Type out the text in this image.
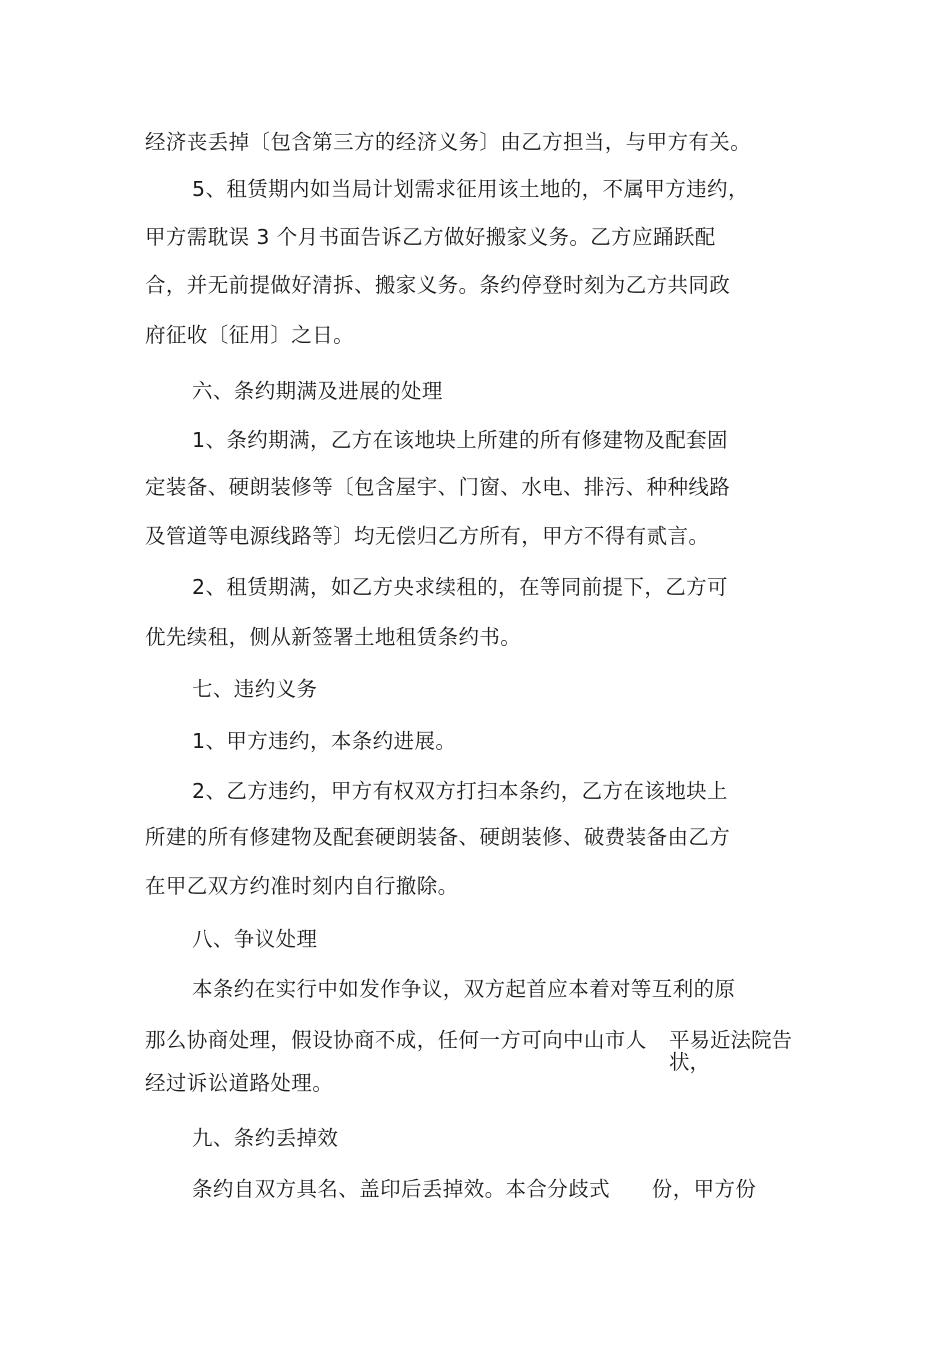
经济丧丢掉〔包含第三方的经济义务〕由乙方担当，与甲方有关。
5、租赁期内如当局计划需求征用该土地的，不属甲方违约，
甲方需耽误 3 个月书面告诉乙方做好搬家义务。乙方应踊跃配
合，并无前提做好清拆、搬家义务。条约停登时刻为乙方共同政
府征收〔征用〕之日。
六、条约期满及进展的处理
1、条约期满，乙方在该地块上所建的所有修建物及配套固
定装备、硬朗装修等〔包含屋宇、门窗、水电、排污、种种线路
及管道等电源线路等〕均无偿归乙方所有，甲方不得有贰言。
2、租赁期满，如乙方央求续租的，在等同前提下，乙方可
优先续租，侧从新签署土地租赁条约书。
七、违约义务
1、甲方违约，本条约进展。
2、乙方违约，甲方有权双方打扫本条约，乙方在该地块上
所建的所有修建物及配套硬朗装备、硬朗装修、破费装备由乙方
在甲乙双方约准时刻内自行撤除。
八、争议处理
本条约在实行中如发作争议，双方起首应本着对等互利的原
那么协商处理，假设协商不成，任何一方可向中山市人 平易近法院告
状，
经过诉讼道路处理。
九、条约丢掉效
条约自双方具名、盖印后丢掉效。本合分歧式　　份，甲方份
